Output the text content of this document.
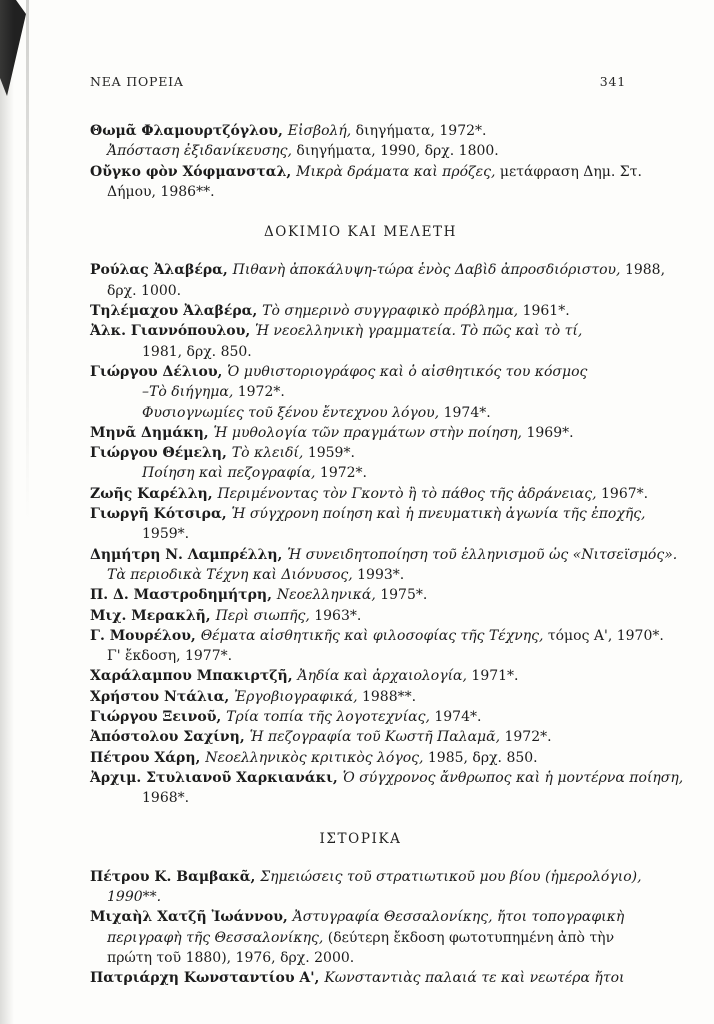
ΝΕΑ ΠΟΡΕΙΑ	341
Θωμᾶ Φλαμουρτζόγλου, Εἰσβολή, διηγήματα, 1972*.
Ἀπόσταση ἐξιδανίκευσης, διηγήματα, 1990, δρχ. 1800.
Οὔγκο φὸν Χόφμανσταλ, Μικρὰ δράματα καὶ πρόζες, μετάφραση Δημ. Στ.
Δήμου, 1986**.
ΔΟΚΙΜΙΟ ΚΑΙ ΜΕΛΕΤΗ
Ρούλας Ἀλαβέρα, Πιθανὴ ἀποκάλυψη-τώρα ἑνὸς Δαβὶδ ἀπροσδιόριστου, 1988,
δρχ. 1000.
Τηλέμαχου Ἀλαβέρα, Τὸ σημερινὸ συγγραφικὸ πρόβλημα, 1961*.
Ἀλκ. Γιαννόπουλου, Ἡ νεοελληνικὴ γραμματεία. Τὸ πῶς καὶ τὸ τί,
1981, δρχ. 850.
Γιώργου Δέλιου, Ὁ μυθιστοριογράφος καὶ ὁ αἰσθητικός του κόσμος
–Τὸ διήγημα, 1972*.
Φυσιογνωμίες τοῦ ξένου ἔντεχνου λόγου, 1974*.
Μηνᾶ Δημάκη, Ἡ μυθολογία τῶν πραγμάτων στὴν ποίηση, 1969*.
Γιώργου Θέμελη, Τὸ κλειδί, 1959*.
Ποίηση καὶ πεζογραφία, 1972*.
Ζωῆς Καρέλλη, Περιμένοντας τὸν Γκοντὸ ἢ τὸ πάθος τῆς ἀδράνειας, 1967*.
Γιωργῆ Κότσιρα, Ἡ σύγχρονη ποίηση καὶ ἡ πνευματικὴ ἀγωνία τῆς ἐποχῆς,
1959*.
Δημήτρη Ν. Λαμπρέλλη, Ἡ συνειδητοποίηση τοῦ ἑλληνισμοῦ ὡς «Νιτσεϊσμός».
Τὰ περιοδικὰ Τέχνη καὶ Διόνυσος, 1993*.
Π. Δ. Μαστροδημήτρη, Νεοελληνικά, 1975*.
Μιχ. Μερακλῆ, Περὶ σιωπῆς, 1963*.
Γ. Μουρέλου, Θέματα αἰσθητικῆς καὶ φιλοσοφίας τῆς Τέχνης, τόμος Α', 1970*.
Γ' ἔκδοση, 1977*.
Χαράλαμπου Μπακιρτζῆ, Ἀηδία καὶ ἀρχαιολογία, 1971*.
Χρήστου Ντάλια, Ἐργοβιογραφικά, 1988**.
Γιώργου Ξεινοῦ, Τρία τοπία τῆς λογοτεχνίας, 1974*.
Ἀπόστολου Σαχίνη, Ἡ πεζογραφία τοῦ Κωστῆ Παλαμᾶ, 1972*.
Πέτρου Χάρη, Νεοελληνικὸς κριτικὸς λόγος, 1985, δρχ. 850.
Ἀρχιμ. Στυλιανοῦ Χαρκιανάκι, Ὁ σύγχρονος ἄνθρωπος καὶ ἡ μοντέρνα ποίηση,
1968*.
ΙΣΤΟΡΙΚΑ
Πέτρου Κ. Βαμβακᾶ, Σημειώσεις τοῦ στρατιωτικοῦ μου βίου (ἡμερολόγιο),
1990**.
Μιχαὴλ Χατζῆ Ἰωάννου, Ἀστυγραφία Θεσσαλονίκης, ἤτοι τοπογραφικὴ
περιγραφὴ τῆς Θεσσαλονίκης, (δεύτερη ἔκδοση φωτοτυπημένη ἀπὸ τὴν
πρώτη τοῦ 1880), 1976, δρχ. 2000.
Πατριάρχη Κωνσταντίου Α', Κωνσταντιὰς παλαιά τε καὶ νεωτέρα ἤτοι
